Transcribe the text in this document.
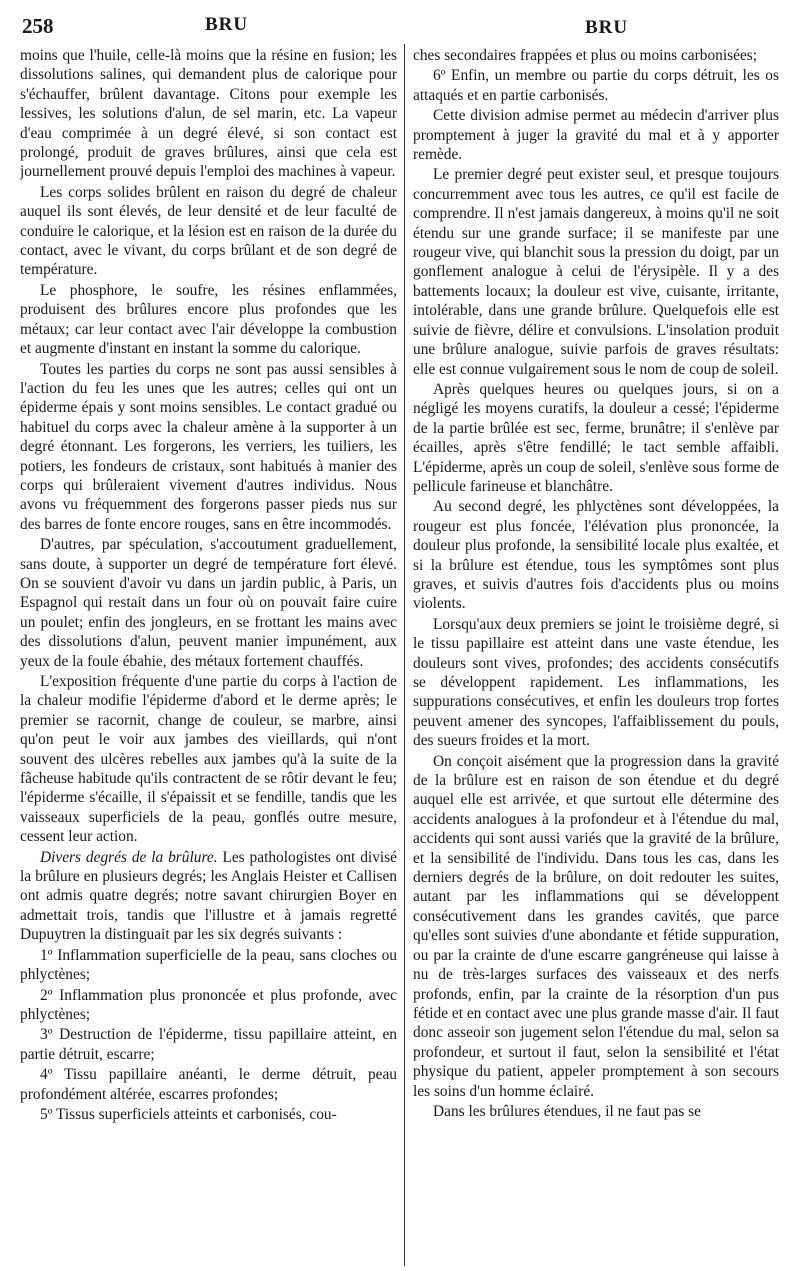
258	BRU	BRU

moins que l'huile, celle-là moins que la résine en fusion; les dissolutions salines, qui demandent plus de calorique pour s'échauffer, brûlent davantage. Citons pour exemple les lessives, les solutions d'alun, de sel marin, etc. La vapeur d'eau comprimée à un degré élevé, si son contact est prolongé, produit de graves brûlures, ainsi que cela est journellement prouvé depuis l'emploi des machines à vapeur.

Les corps solides brûlent en raison du degré de chaleur auquel ils sont élevés, de leur densité et de leur faculté de conduire le calorique, et la lésion est en raison de la durée du contact, avec le vivant, du corps brûlant et de son degré de température.

Le phosphore, le soufre, les résines enflammées, produisent des brûlures encore plus profondes que les métaux; car leur contact avec l'air développe la combustion et augmente d'instant en instant la somme du calorique.

Toutes les parties du corps ne sont pas aussi sensibles à l'action du feu les unes que les autres; celles qui ont un épiderme épais y sont moins sensibles. Le contact gradué ou habituel du corps avec la chaleur amène à la supporter à un degré étonnant. Les forgerons, les verriers, les tuiliers, les potiers, les fondeurs de cristaux, sont habitués à manier des corps qui brûleraient vivement d'autres individus. Nous avons vu fréquemment des forgerons passer pieds nus sur des barres de fonte encore rouges, sans en être incommodés.

D'autres, par spéculation, s'accoutument graduellement, sans doute, à supporter un degré de température fort élevé. On se souvient d'avoir vu dans un jardin public, à Paris, un Espagnol qui restait dans un four où on pouvait faire cuire un poulet; enfin des jongleurs, en se frottant les mains avec des dissolutions d'alun, peuvent manier impunément, aux yeux de la foule ébahie, des métaux fortement chauffés.

L'exposition fréquente d'une partie du corps à l'action de la chaleur modifie l'épiderme d'abord et le derme après; le premier se racornit, change de couleur, se marbre, ainsi qu'on peut le voir aux jambes des vieillards, qui n'ont souvent des ulcères rebelles aux jambes qu'à la suite de la fâcheuse habitude qu'ils contractent de se rôtir devant le feu; l'épiderme s'écaille, il s'épaissit et se fendille, tandis que les vaisseaux superficiels de la peau, gonflés outre mesure, cessent leur action.

Divers degrés de la brûlure. Les pathologistes ont divisé la brûlure en plusieurs degrés; les Anglais Heister et Callisen ont admis quatre degrés; notre savant chirurgien Boyer en admettait trois, tandis que l'illustre et à jamais regretté Dupuytren la distinguait par les six degrés suivants :

1º Inflammation superficielle de la peau, sans cloches ou phlyctènes;

2º Inflammation plus prononcée et plus profonde, avec phlyctènes;

3º Destruction de l'épiderme, tissu papillaire atteint, en partie détruit, escarre;

4º Tissu papillaire anéanti, le derme détruit, peau profondément altérée, escarres profondes;

5º Tissus superficiels atteints et carbonisés, cou-

ches secondaires frappées et plus ou moins carbonisées;

6º Enfin, un membre ou partie du corps détruit, les os attaqués et en partie carbonisés.

Cette division admise permet au médecin d'arriver plus promptement à juger la gravité du mal et à y apporter remède.

Le premier degré peut exister seul, et presque toujours concurremment avec tous les autres, ce qu'il est facile de comprendre. Il n'est jamais dangereux, à moins qu'il ne soit étendu sur une grande surface; il se manifeste par une rougeur vive, qui blanchit sous la pression du doigt, par un gonflement analogue à celui de l'érysipèle. Il y a des battements locaux; la douleur est vive, cuisante, irritante, intolérable, dans une grande brûlure. Quelquefois elle est suivie de fièvre, délire et convulsions. L'insolation produit une brûlure analogue, suivie parfois de graves résultats: elle est connue vulgairement sous le nom de coup de soleil.

Après quelques heures ou quelques jours, si on a négligé les moyens curatifs, la douleur a cessé; l'épiderme de la partie brûlée est sec, ferme, brunâtre; il s'enlève par écailles, après s'être fendillé; le tact semble affaibli. L'épiderme, après un coup de soleil, s'enlève sous forme de pellicule farineuse et blanchâtre.

Au second degré, les phlyctènes sont développées, la rougeur est plus foncée, l'élévation plus prononcée, la douleur plus profonde, la sensibilité locale plus exaltée, et si la brûlure est étendue, tous les symptômes sont plus graves, et suivis d'autres fois d'accidents plus ou moins violents.

Lorsqu'aux deux premiers se joint le troisième degré, si le tissu papillaire est atteint dans une vaste étendue, les douleurs sont vives, profondes; des accidents consécutifs se développent rapidement. Les inflammations, les suppurations consécutives, et enfin les douleurs trop fortes peuvent amener des syncopes, l'affaiblissement du pouls, des sueurs froides et la mort.

On conçoit aisément que la progression dans la gravité de la brûlure est en raison de son étendue et du degré auquel elle est arrivée, et que surtout elle détermine des accidents analogues à la profondeur et à l'étendue du mal, accidents qui sont aussi variés que la gravité de la brûlure, et la sensibilité de l'individu. Dans tous les cas, dans les derniers degrés de la brûlure, on doit redouter les suites, autant par les inflammations qui se développent consécutivement dans les grandes cavités, que parce qu'elles sont suivies d'une abondante et fétide suppuration, ou par la crainte de d'une escarre gangréneuse qui laisse à nu de très-larges surfaces des vaisseaux et des nerfs profonds, enfin, par la crainte de la résorption d'un pus fétide et en contact avec une plus grande masse d'air. Il faut donc asseoir son jugement selon l'étendue du mal, selon sa profondeur, et surtout il faut, selon la sensibilité et l'état physique du patient, appeler promptement à son secours les soins d'un homme éclairé.

Dans les brûlures étendues, il ne faut pas se
